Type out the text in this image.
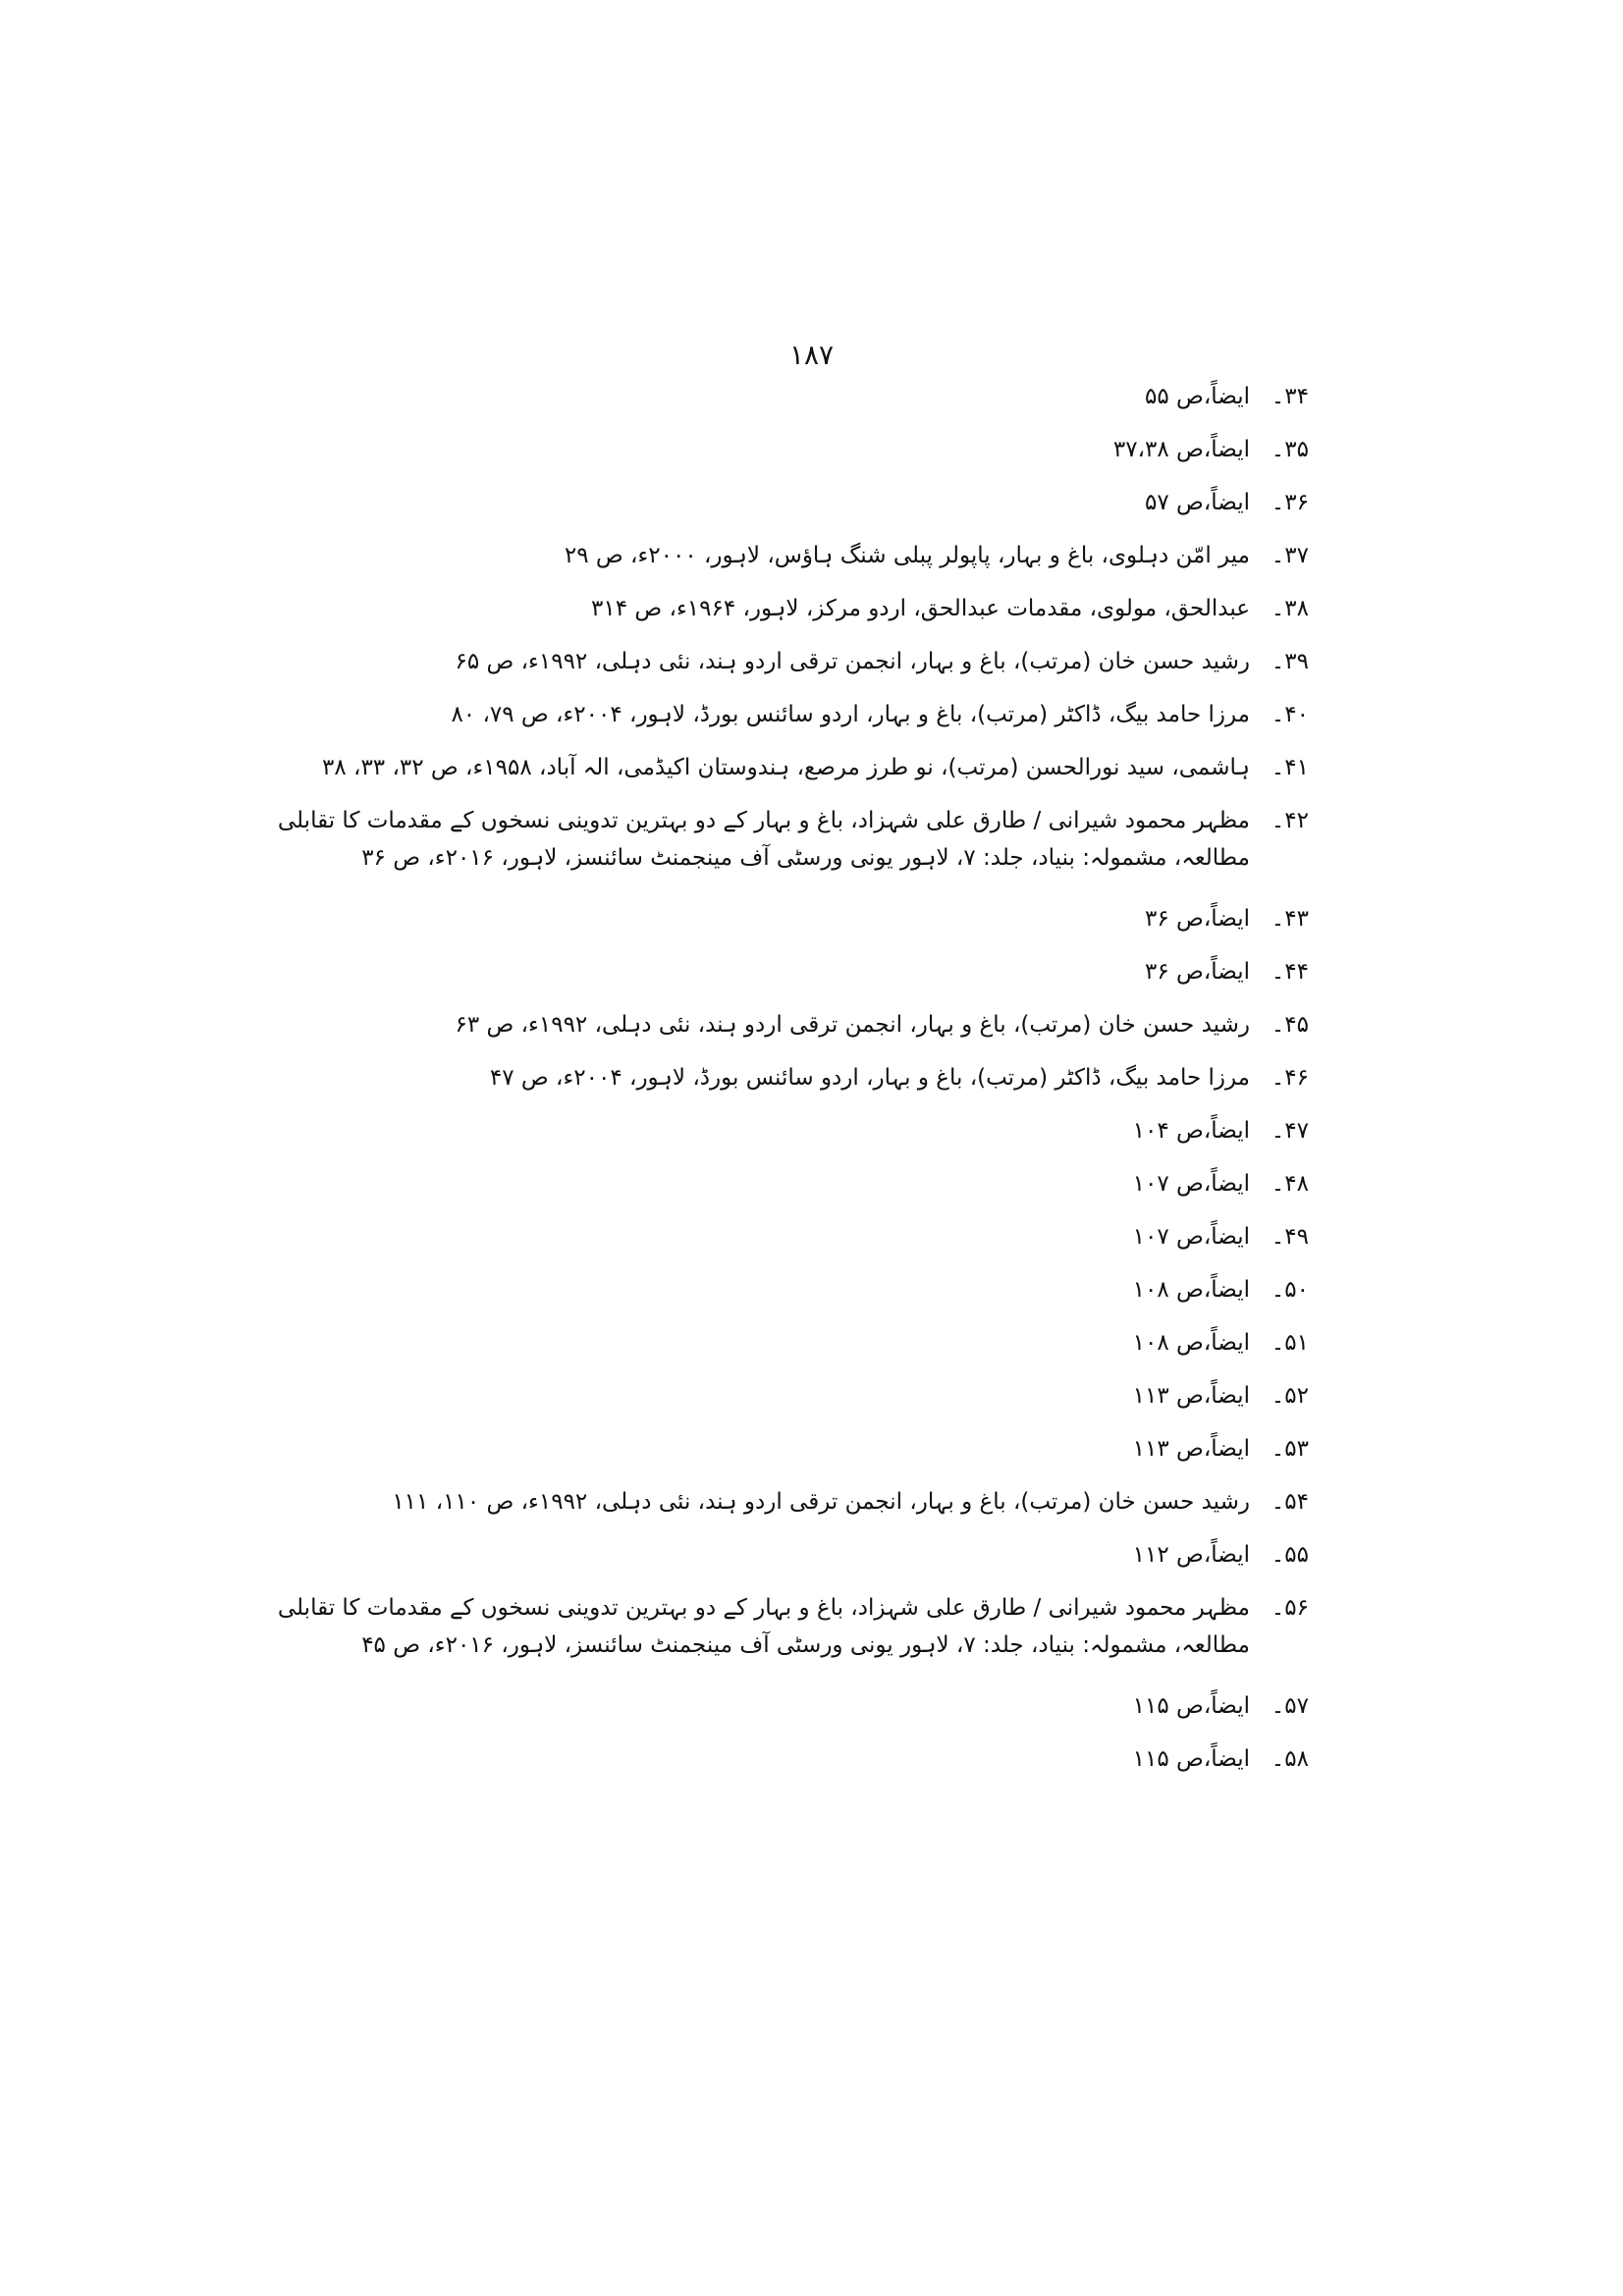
۱۸۷
۳۴۔
ایضاً،ص ۵۵
۳۵۔
ایضاً،ص ۳۷،۳۸
۳۶۔
ایضاً،ص ۵۷
۳۷۔
میر امّن دہلوی، باغ و بہار، پاپولر پبلی شنگ ہاؤس، لاہور، ۲۰۰۰ء، ص ۲۹
۳۸۔
عبدالحق، مولوی، مقدمات عبدالحق، اردو مرکز، لاہور، ۱۹۶۴ء، ص ۳۱۴
۳۹۔
رشید حسن خان (مرتب)، باغ و بہار، انجمن ترقی اردو ہند، نئی دہلی، ۱۹۹۲ء، ص ۶۵
۴۰۔
مرزا حامد بیگ، ڈاکٹر (مرتب)، باغ و بہار، اردو سائنس بورڈ، لاہور، ۲۰۰۴ء، ص ۷۹، ۸۰
۴۱۔
ہاشمی، سید نورالحسن (مرتب)، نو طرز مرصع، ہندوستان اکیڈمی، الہ آباد، ۱۹۵۸ء، ص ۳۲، ۳۳، ۳۸
۴۲۔
مظہر محمود شیرانی / طارق علی شہزاد، باغ و بہار کے دو بہترین تدوینی نسخوں کے مقدمات کا تقابلی مطالعہ، مشمولہ: بنیاد، جلد: ۷، لاہور یونی ورسٹی آف مینجمنٹ سائنسز، لاہور، ۲۰۱۶ء، ص ۳۶
۴۳۔
ایضاً،ص ۳۶
۴۴۔
ایضاً،ص ۳۶
۴۵۔
رشید حسن خان (مرتب)، باغ و بہار، انجمن ترقی اردو ہند، نئی دہلی، ۱۹۹۲ء، ص ۶۳
۴۶۔
مرزا حامد بیگ، ڈاکٹر (مرتب)، باغ و بہار، اردو سائنس بورڈ، لاہور، ۲۰۰۴ء، ص ۴۷
۴۷۔
ایضاً،ص ۱۰۴
۴۸۔
ایضاً،ص ۱۰۷
۴۹۔
ایضاً،ص ۱۰۷
۵۰۔
ایضاً،ص ۱۰۸
۵۱۔
ایضاً،ص ۱۰۸
۵۲۔
ایضاً،ص ۱۱۳
۵۳۔
ایضاً،ص ۱۱۳
۵۴۔
رشید حسن خان (مرتب)، باغ و بہار، انجمن ترقی اردو ہند، نئی دہلی، ۱۹۹۲ء، ص ۱۱۰، ۱۱۱
۵۵۔
ایضاً،ص ۱۱۲
۵۶۔
مظہر محمود شیرانی / طارق علی شہزاد، باغ و بہار کے دو بہترین تدوینی نسخوں کے مقدمات کا تقابلی مطالعہ، مشمولہ: بنیاد، جلد: ۷، لاہور یونی ورسٹی آف مینجمنٹ سائنسز، لاہور، ۲۰۱۶ء، ص ۴۵
۵۷۔
ایضاً،ص ۱۱۵
۵۸۔
ایضاً،ص ۱۱۵
